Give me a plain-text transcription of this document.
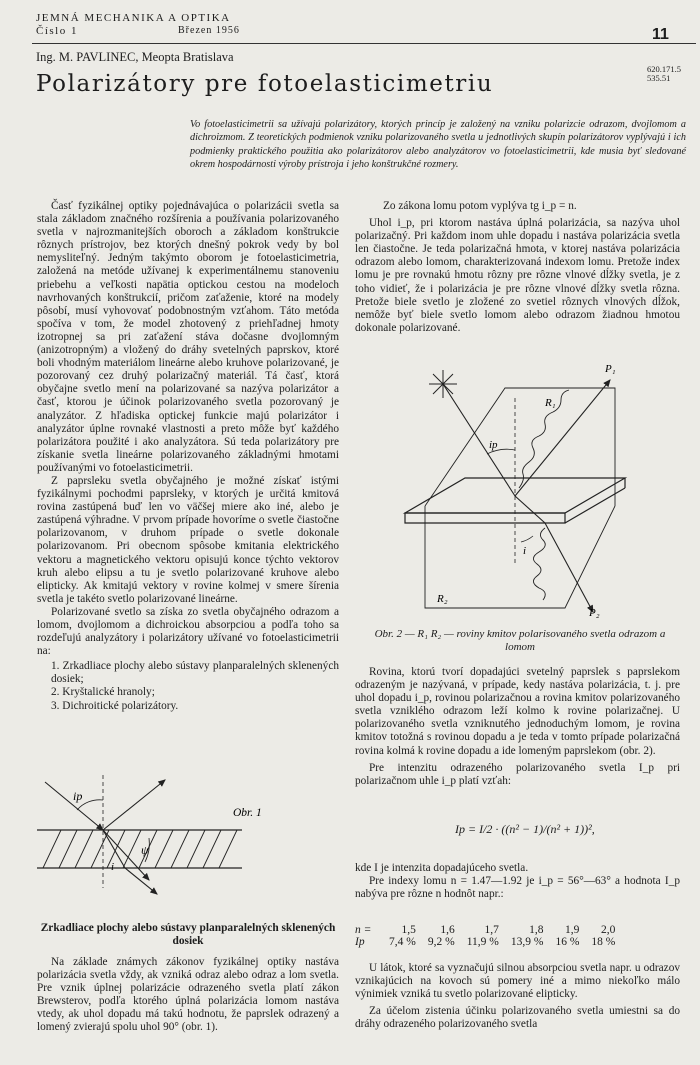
JEMNÁ MECHANIKA A OPTIKA
Číslo 1	Březen 1956	11
Ing. M. PAVLINEC, Meopta Bratislava
620.171.5
535.51
Polarizátory pre fotoelasticimetriu
Vo fotoelasticimetrii sa užívajú polarizátory, ktorých princíp je založený na vzniku polarizcie odrazom, dvojlomom a dichroizmom. Z teoretických podmienok vzniku polarizovaného svetla u jednotlivých skupín polarizátorov vyplývajú i ich podmienky praktického použitia ako polarizátorov alebo analyzátorov vo fotoelasticimetrii, kde musia byť sledované okrem hospodárnosti výroby prístroja i jeho konštrukčné rozmery.

Časť fyzikálnej optiky pojednávajúca o polarizácii svetla sa stala základom značného rozšírenia a používania polarizovaného svetla v najrozmanitejších oboroch a základom konštrukcie rôznych prístrojov, bez ktorých dnešný pokrok vedy by bol nemysliteľný. Jedným takýmto oborom je fotoelasticimetria, založená na metóde užívanej k experimentálnemu stanoveniu priebehu a veľkosti napätia optickou cestou na modeloch navrhovaných konštrukcií, pričom zaťaženie, ktoré na modely pôsobí, musí vyhovovať podobnostným vzťahom. Táto metóda spočíva v tom, že model zhotovený z priehľadnej hmoty izotropnej sa pri zaťažení stáva dočasne dvojlomným (anizotropným) a vložený do dráhy svetelných paprskov, ktoré boli vhodným materiálom lineárne alebo kruhove polarizované, je pozorovaný cez druhý polarizačný materiál. Tá časť, ktorá obyčajne svetlo mení na polarizované sa nazýva polarizátor a časť, ktorou je účinok polarizovaného svetla pozorovaný je analyzátor. Z hľadiska optickej funkcie majú polarizátor i analyzátor úplne rovnaké vlastnosti a preto môže byť každého polarizátora použité i ako analyzátora. Sú teda polarizátory pre získanie svetla lineárne polarizovaného základnými hmotami používanými vo fotoelasticimetrii.

Z paprsleku svetla obyčajného je možné získať istými fyzikálnymi pochodmi paprsleky, v ktorých je určitá kmitová rovina zastúpená buď len vo väčšej miere ako iné, alebo je zastúpená výhradne. V prvom prípade hovoríme o svetle čiastočne polarizovanom, v druhom prípade o svetle dokonale polarizovanom. Pri obecnom spôsobe kmitania elektrického vektoru a magnetického vektoru opisujú konce týchto vektorov kruh alebo elipsu a tu je svetlo polarizované kruhove alebo elipticky. Ak kmitajú vektory v rovine kolmej v smere šírenia svetla je takéto svetlo polarizované lineárne.

Polarizované svetlo sa získa zo svetla obyčajného odrazom a lomom, dvojlomom a dichroickou absorpciou a podľa toho sa rozdeľujú analyzátory i polarizátory užívané vo fotoelasticimetrii na:

1. Zrkadliace plochy alebo sústavy planparalelných sklenených dosiek;

2. Kryštalické hranoly;

3. Dichroitické polarizátory.

ip
ψ
i
Obr. 1
Zrkadliace plochy alebo sústavy planparalelných sklenených dosiek

Na základe známych zákonov fyzikálnej optiky nastáva polarizácia svetla vždy, ak vzniká odraz alebo odraz a lom svetla. Pre vznik úplnej polarizácie odrazeného svetla platí zákon Brewsterov, podľa ktorého úplná polarizácia lomom nastáva vtedy, ak uhol dopadu má takú hodnotu, že paprslek odrazený a lomený zvierajú spolu uhol 90° (obr. 1).

Zo zákona lomu potom vyplýva tg i_p = n.

Uhol i_p, pri ktorom nastáva úplná polarizácia, sa nazýva uhol polarizačný. Pri každom inom uhle dopadu i nastáva polarizácia svetla len čiastočne. Je teda polarizačná hmota, v ktorej nastáva polarizácia odrazom alebo lomom, charakterizovaná indexom lomu. Pretože index lomu je pre rovnakú hmotu rôzny pre rôzne vlnové dĺžky svetla, je z toho vidieť, že i polarizácia je pre rôzne vlnové dĺžky svetla rôzna. Pretože biele svetlo je zložené zo svetiel rôznych vlnových dĺžok, nemôže byť biele svetlo lomom alebo odrazom žiadnou hmotou dokonale polarizované.

R₁
P₁
ip
i
R₂
P₂
Obr. 2 — R₁ R₂ — roviny kmitov polarisovaného svetla odrazom a lomom

Rovina, ktorú tvorí dopadajúci svetelný paprslek s paprslekom odrazeným je nazývaná, v prípade, kedy nastáva polarizácia, t. j. pre uhol dopadu i_p, rovinou polarizačnou a rovina kmitov polarizovaného svetla vzniklého odrazom leží kolmo k rovine polarizačnej. U polarizovaného svetla vzniknutého jednoduchým lomom, je rovina kmitov totožná s rovinou dopadu a je teda v tomto prípade polarizačná rovina kolmá k rovine dopadu a ide lomeným paprslekom (obr. 2).

Pre intenzitu odrazeného polarizovaného svetla I_p pri polarizačnom uhle i_p platí vzťah:

Ip = I/2 · ((n² − 1)/(n² + 1))²,

kde I je intenzita dopadajúceho svetla.

Pre indexy lomu n = 1.47—1.92 je i_p = 56°—63° a hodnota I_p nabýva pre rôzne n hodnôt napr.:

n =	1,5	1,6	1,7	1,8	1,9	2,0
Ip	7,4 %	9,2 %	11,9 %	13,9 %	16 %	18 %

U látok, ktoré sa vyznačujú silnou absorpciou svetla napr. u odrazov vznikajúcich na kovoch sú pomery iné a mimo niekoľko málo výnimiek vzniká tu svetlo polarizované elipticky.

Za účelom zistenia účinku polarizovaného svetla umiestni sa do dráhy odrazeného polarizovaného svetla
